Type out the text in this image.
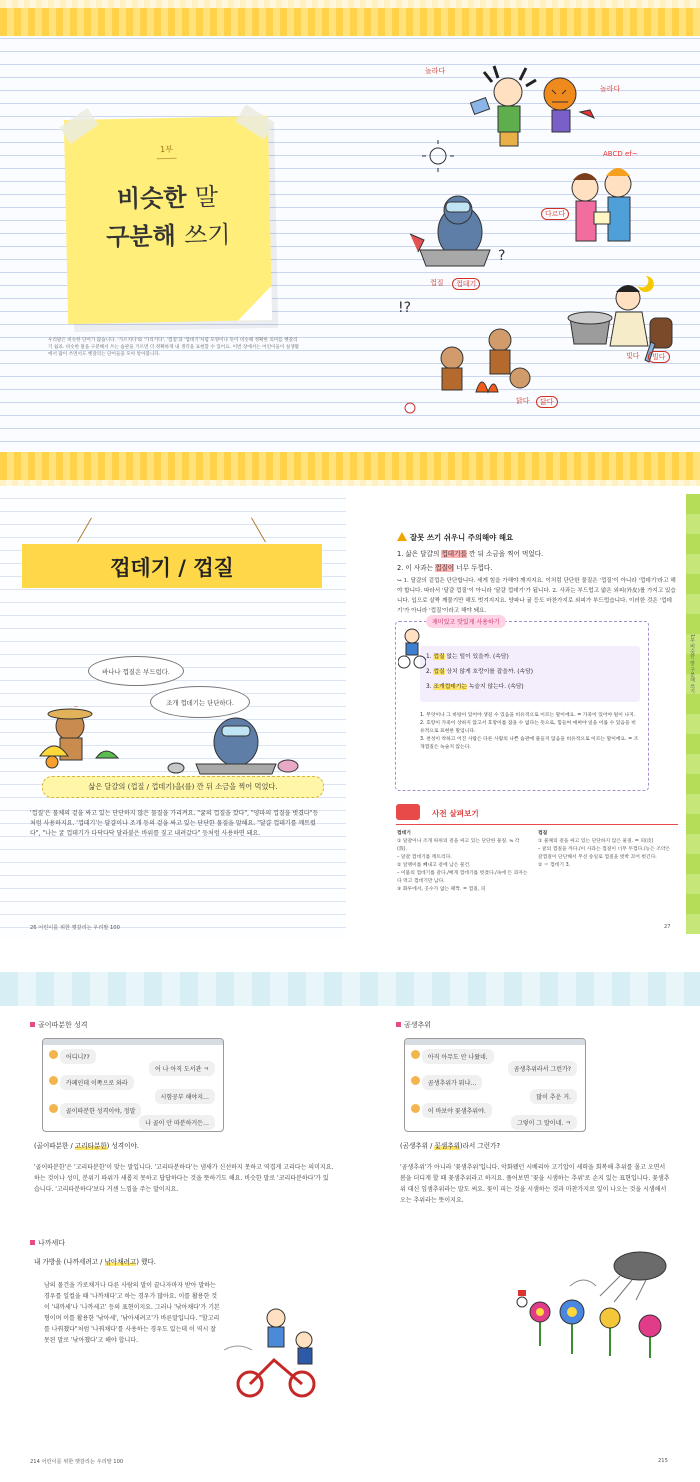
1부
비슷한 말
구분해 쓰기
우리말은 비슷한 단어가 많습니다. '가르치다'와 '가리키다', '껍질'과 '껍데기'처럼 모양이나 뜻이 비슷해 정확한 의미를 헷갈리기 쉽죠. 비슷한 말을 구분해서 쓰는 습관을 기르면 더 정확하게 내 생각을 표현할 수 있어요. 이번 장에서는 어린이들이 실생활에서 많이 쓰면서도 헷갈리는 단어들을 모아 알아봅니다.
!?
?
놀라다
놀라다
ABCD ef~
다르다
껍질	껍데기
빛다	빌다
닭다	닳다
껍데기 / 껍질
바나나 껍질은 부드럽다.
조개 껍데기는 단단하다.
삶은 달걀의 (껍질 / 껍데기)을(를) 깐 뒤 소금을 찍어 먹었다.
'껍질'은 물체의 겉을 싸고 있는 단단하지 않은 물질을 가리켜요. "귤의 껍질을 깠다", "양파의 껍질을 벗겼다"등처럼 사용하지요. '껍데기'는 달걀이나 조개 등의 겉을 싸고 있는 단단한 물질을 말해요. "달걀 껍데기를 깨트렸다", "나는 굴 껍데기가 다닥다닥 달라붙은 바위를 짚고 내려갔다" 등처럼 사용하면 돼요.
26 어린이를 위한 헷갈리는 우리말 100
잘못 쓰기 쉬우니 주의해야 해요
1. 삶은 달걀의 껍데기를 깐 뒤 소금을 찍어 먹었다.
2. 이 사과는 껍질이 너무 두껍다.
↪ 1. 달걀의 겉껍은 단단합니다. 세게 힘을 가해야 깨지지요. 이처럼 단단한 물질은 '껍질'이 아니라 '껍데기'라고 해야 합니다. 따라서 '달걀 껍질'이 아니라 '달걀 껍데기'가 됩니다. 2. 사과는 부드럽고 얇은 외피(外皮)를 가지고 있습니다. 입으로 살짝 깨물기만 해도 벗겨지지요. 양파나 귤 등도 마찬가지로 외피가 부드럽습니다. 이러한 것은 '껍데기'가 아니라 '껍질'이라고 해야 돼요.
재미있고 맛있게 사용하기
1. 껍질 없는 털이 있을까. (속담)
2. 껍질 상치 않게 호랑이를 잡을까. (속담)
3. 조개껍데기는 녹슬지 않는다. (속담)
1. 무엇이나 그 바탕이 있어야 생길 수 있음을 비유적으로 이르는 말이에요. = 가죽이 있어야 털이 나지.
2. 호랑이 가죽이 상하지 않고서 호랑이를 잡을 수 없다는 뜻으로, 힘들여 애써야 일을 이룰 수 있음을 비유적으로 표현한 말입니다.
3. 천성이 착하고 어진 사람은 다른 사람의 나쁜 습관에 물들지 않음을 비유적으로 이르는 말이에요. = 조개껍질은 녹슬지 않는다.
사전 살펴보기
껍데기
① 달걀이나 조개 따위의 겉을 싸고 있는 단단한 물질. ≒ 각(殼).
– 달걀 껍데기를 깨트리다.
② 알맹이를 빼내고 겉에 남은 물건.
– 이불의 껍데기를 갈다./배게 껍데기를 벗겼다./속에 든 과자는 다 먹고 껍데기만 남다.
③ 화투에서, 곳수가 없는 패짝. = 껍질, 피
껍질
① 물체의 겉을 싸고 있는 단단하지 않은 물질. = 피(皮)
– 귤의 껍질을 까다./이 사과는 껍질이 너무 두껍다./농은 조약은 갈껍질이 단단해서 무선 송일로 껍질을 벗박 끄어 벗긴다.
② ＝ 껍데기 3.
27
1부 비슷한 말 구분해 쓰기
골이따분한 성격
어디니??
어 나 아직 도서관 ㅋ
카페인데 이쪽으로 와라
시험공부 해야지…
골이따분한 성격이야, 정말
나 골이 안 따분하거든…
(골이따분한 / 고리타분한) 성격이야.
'골이따분한'은 '고리타분한'이 맞는 말입니다. '고리타분하다'는 냄새가 신선하지 못하고 역겹게 고리다는 의미지요. 하는 것이나 성미, 분위기 따위가 새롭지 못하고 답답하다는 것을 뜻하기도 해요. 비슷한 말로 '코리타분하다'가 있습니다. '고리타분하다'보다 거센 느낌을 주는 말이지요.
나까세다
내 가방을 (나까세려고 / 낚아채려고) 했다.
남의 물건을 가로채거나 다른 사람의 말이 끝나자마자 받아 말하는 경우를 일컬을 때 '나까채다'고 하는 경우가 많아요. 이를 활용한 것이 '내까세'나 '나까세고' 등의 표현이지요. 그러나 '낚아채다'가 기본형이며 이를 활용한 '낚아세', '낚아세려고'가 바른말입니다. "할고리를 나꿔챘다"처럼 '나꿔채다'를 사용하는 경우도 있는데 이 역시 잘못된 말로 '낚아챘다'고 해야 합니다.
214 어린이를 위한 헷갈리는 우리말 100
곰생추위
아직 아무도 안 나왔네.
곰생추위라서 그런가?
곰생추위가 뭐냐…
많이 추운 거.
이 바보야 꽃샘추위야.
그렇이 그 말이네. ㅋ
(곰생추위 / 꽃샘추위)라서 그런가?
'곰생추위'가 아니라 '꽃샘추위'입니다. 악화됐던 시베리아 고기압이 세력을 회복해 추위를 몰고 오면서 봄을 더디게 할 때 꽃샘추위라고 하지요. 풀어보면 '꽃을 시샘하는 추위'로 손지 있는 표현입니다. 꽃샘추위 대신 잎샘추위라는 말도 써요. 꽃이 피는 것을 시샘하는 것과 마찬가지로 잎이 나오는 것을 시샘해서 오는 추위라는 뜻이지요.
215
